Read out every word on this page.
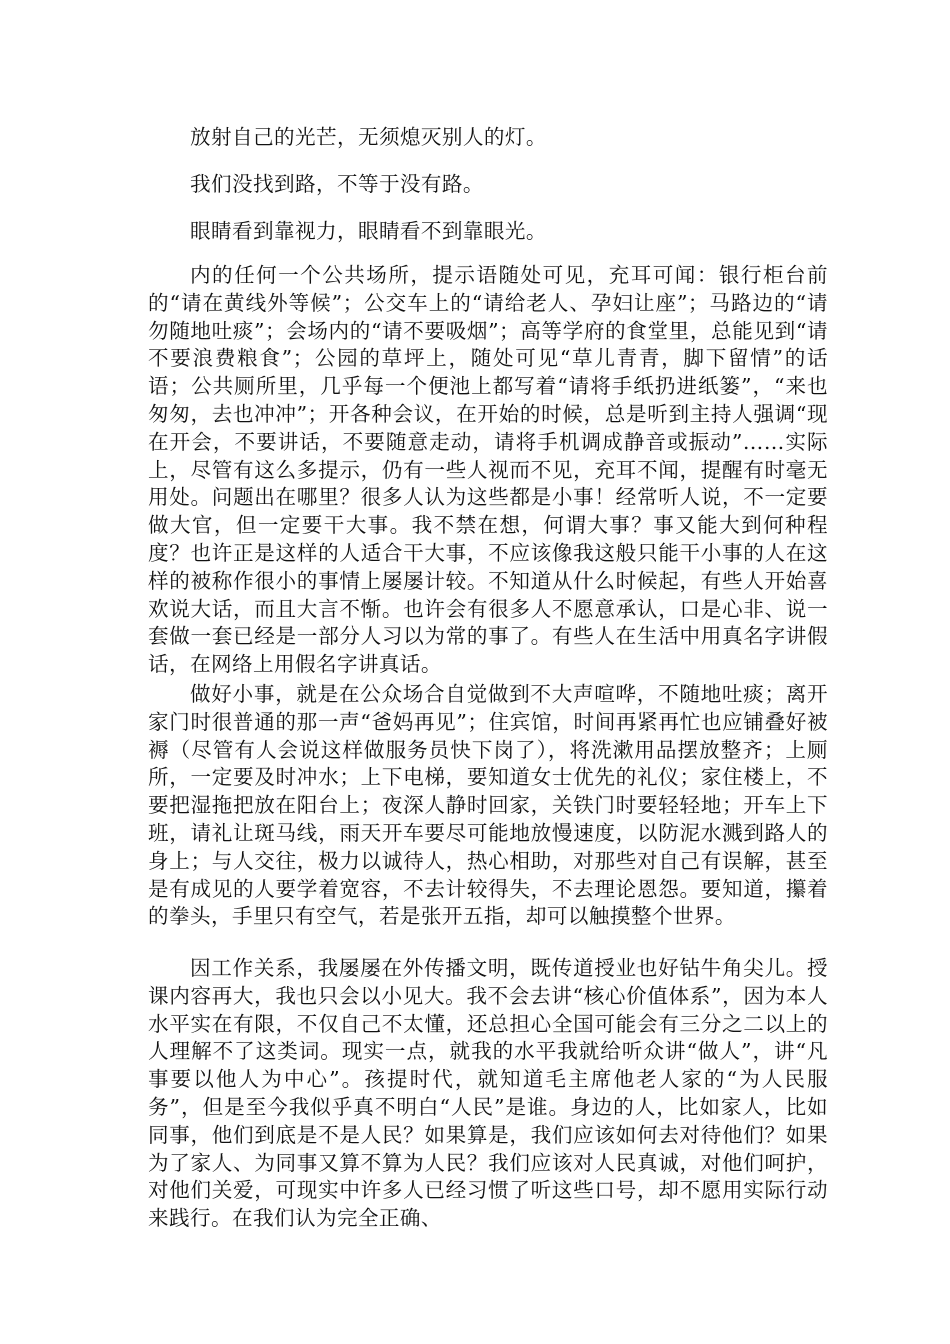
放射自己的光芒，无须熄灭别人的灯。

我们没找到路，不等于没有路。

眼睛看到靠视力，眼睛看不到靠眼光。

内的任何一个公共场所，提示语随处可见，充耳可闻：银行柜台前的“请在黄线外等候”；公交车上的“请给老人、孕妇让座”；马路边的“请勿随地吐痰”；会场内的“请不要吸烟”；高等学府的食堂里，总能见到“请不要浪费粮食”；公园的草坪上，随处可见“草儿青青，脚下留情”的话语；公共厕所里，几乎每一个便池上都写着“请将手纸扔进纸篓”，“来也匆匆，去也冲冲”；开各种会议，在开始的时候，总是听到主持人强调“现在开会，不要讲话，不要随意走动，请将手机调成静音或振动”……实际上，尽管有这么多提示，仍有一些人视而不见，充耳不闻，提醒有时毫无用处。问题出在哪里？很多人认为这些都是小事！经常听人说，不一定要做大官，但一定要干大事。我不禁在想，何谓大事？事又能大到何种程度？也许正是这样的人适合干大事，不应该像我这般只能干小事的人在这样的被称作很小的事情上屡屡计较。不知道从什么时候起，有些人开始喜欢说大话，而且大言不惭。也许会有很多人不愿意承认，口是心非、说一套做一套已经是一部分人习以为常的事了。有些人在生活中用真名字讲假话，在网络上用假名字讲真话。

做好小事，就是在公众场合自觉做到不大声喧哗，不随地吐痰；离开家门时很普通的那一声“爸妈再见”；住宾馆，时间再紧再忙也应铺叠好被褥（尽管有人会说这样做服务员快下岗了），将洗漱用品摆放整齐；上厕所，一定要及时冲水；上下电梯，要知道女士优先的礼仪；家住楼上，不要把湿拖把放在阳台上；夜深人静时回家，关铁门时要轻轻地；开车上下班，请礼让斑马线，雨天开车要尽可能地放慢速度，以防泥水溅到路人的身上；与人交往，极力以诚待人，热心相助，对那些对自己有误解，甚至是有成见的人要学着宽容，不去计较得失，不去理论恩怨。要知道，攥着的拳头，手里只有空气，若是张开五指，却可以触摸整个世界。

因工作关系，我屡屡在外传播文明，既传道授业也好钻牛角尖儿。授课内容再大，我也只会以小见大。我不会去讲“核心价值体系”，因为本人水平实在有限，不仅自己不太懂，还总担心全国可能会有三分之二以上的人理解不了这类词。现实一点，就我的水平我就给听众讲“做人”，讲“凡事要以他人为中心”。孩提时代，就知道毛主席他老人家的“为人民服务”，但是至今我似乎真不明白“人民”是谁。身边的人，比如家人，比如同事，他们到底是不是人民？如果算是，我们应该如何去对待他们？如果为了家人、为同事又算不算为人民？我们应该对人民真诚，对他们呵护，对他们关爱，可现实中许多人已经习惯了听这些口号，却不愿用实际行动来践行。在我们认为完全正确、
